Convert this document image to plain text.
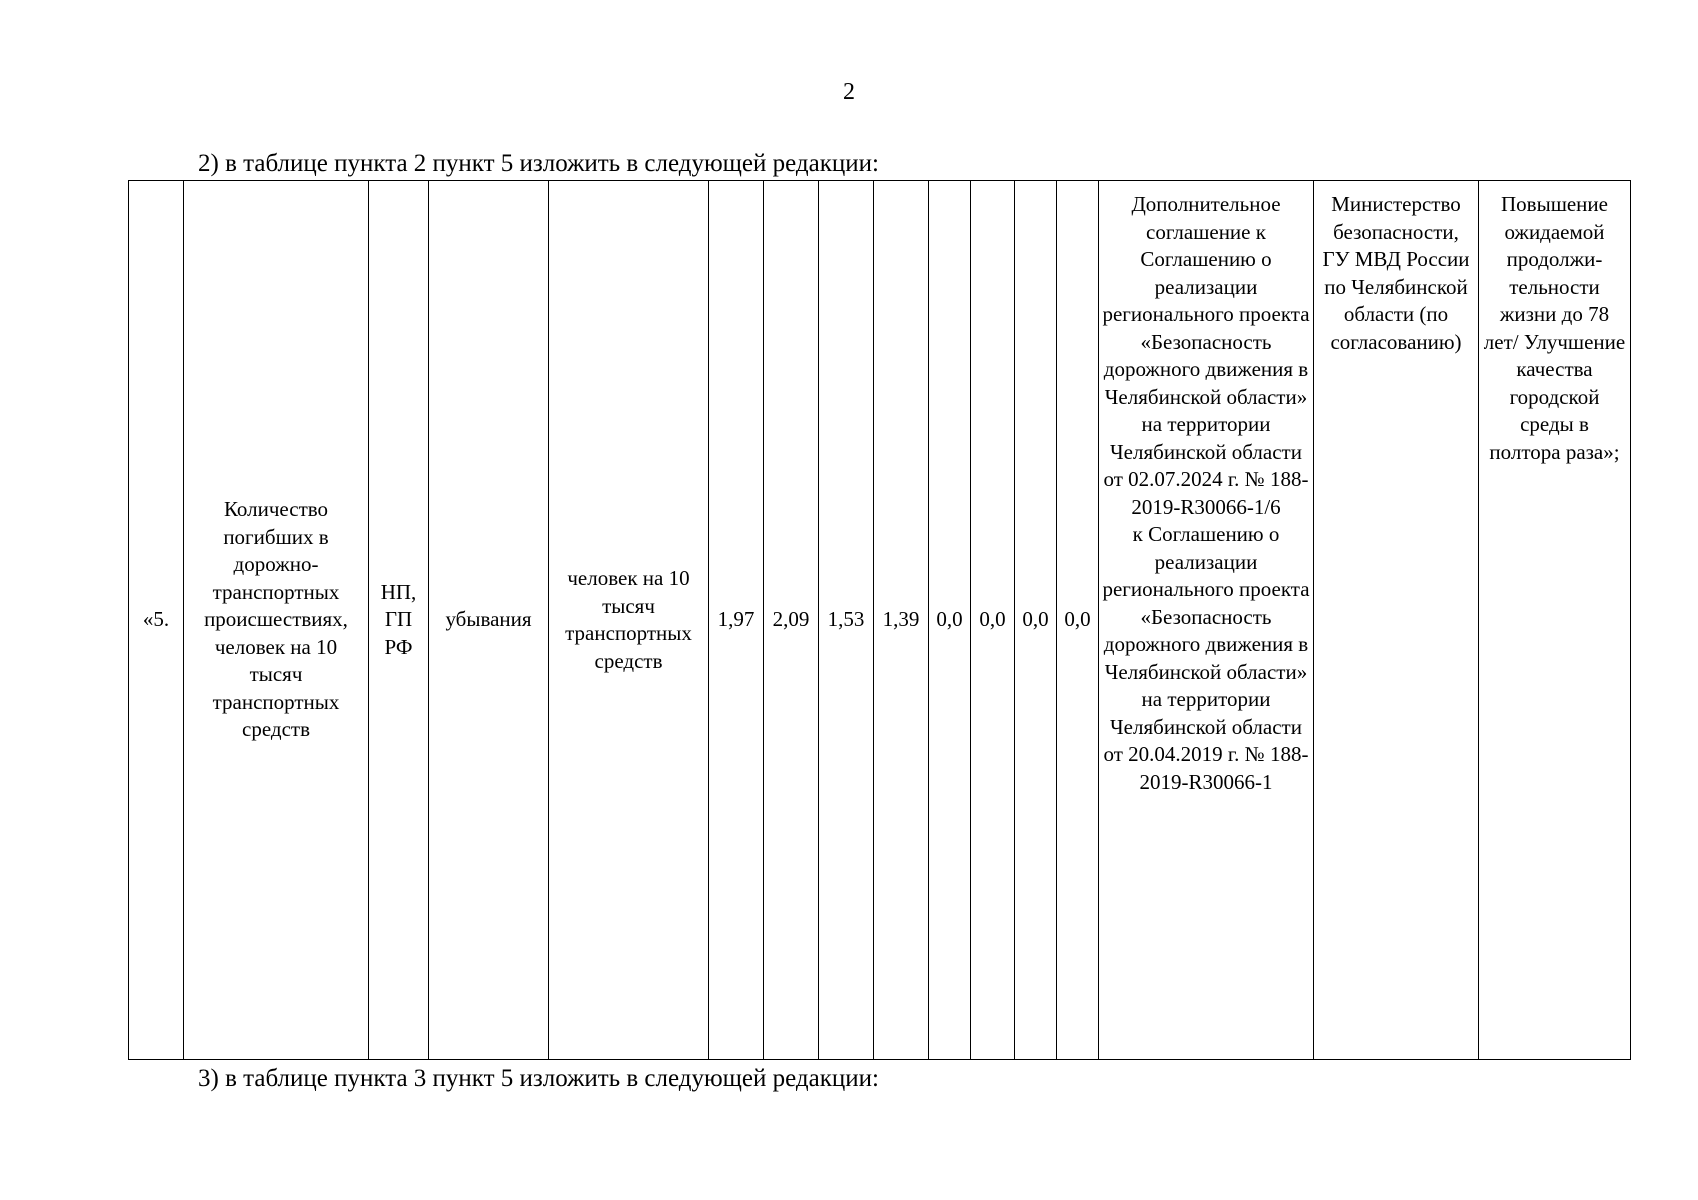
2
2) в таблице пункта 2 пункт 5 изложить в следующей редакции:
«5.	Количество погибших в дорожно-транспортных происшествиях, человек на 10 тысяч транспортных средств	НП,
ГП
РФ	убывания	человек на 10 тысяч транспортных средств	1,97	2,09	1,53	1,39	0,0	0,0	0,0	0,0	Дополнительное соглашение к Соглашению о реализации регионального проекта «Безопасность дорожного движения в Челябинской области» на территории Челябинской области от 02.07.2024 г. № 188-2019-R30066-1/6
к Соглашению о реализации регионального проекта «Безопасность дорожного движения в Челябинской области» на территории Челябинской области от 20.04.2019 г. № 188-2019-R30066-1	Министерство безопасности, ГУ МВД России по Челябинской области (по согласованию)	Повышение ожидаемой продолжи-тельности жизни до 78 лет/ Улучшение качества городской среды в полтора раза»;
3) в таблице пункта 3 пункт 5 изложить в следующей редакции:
